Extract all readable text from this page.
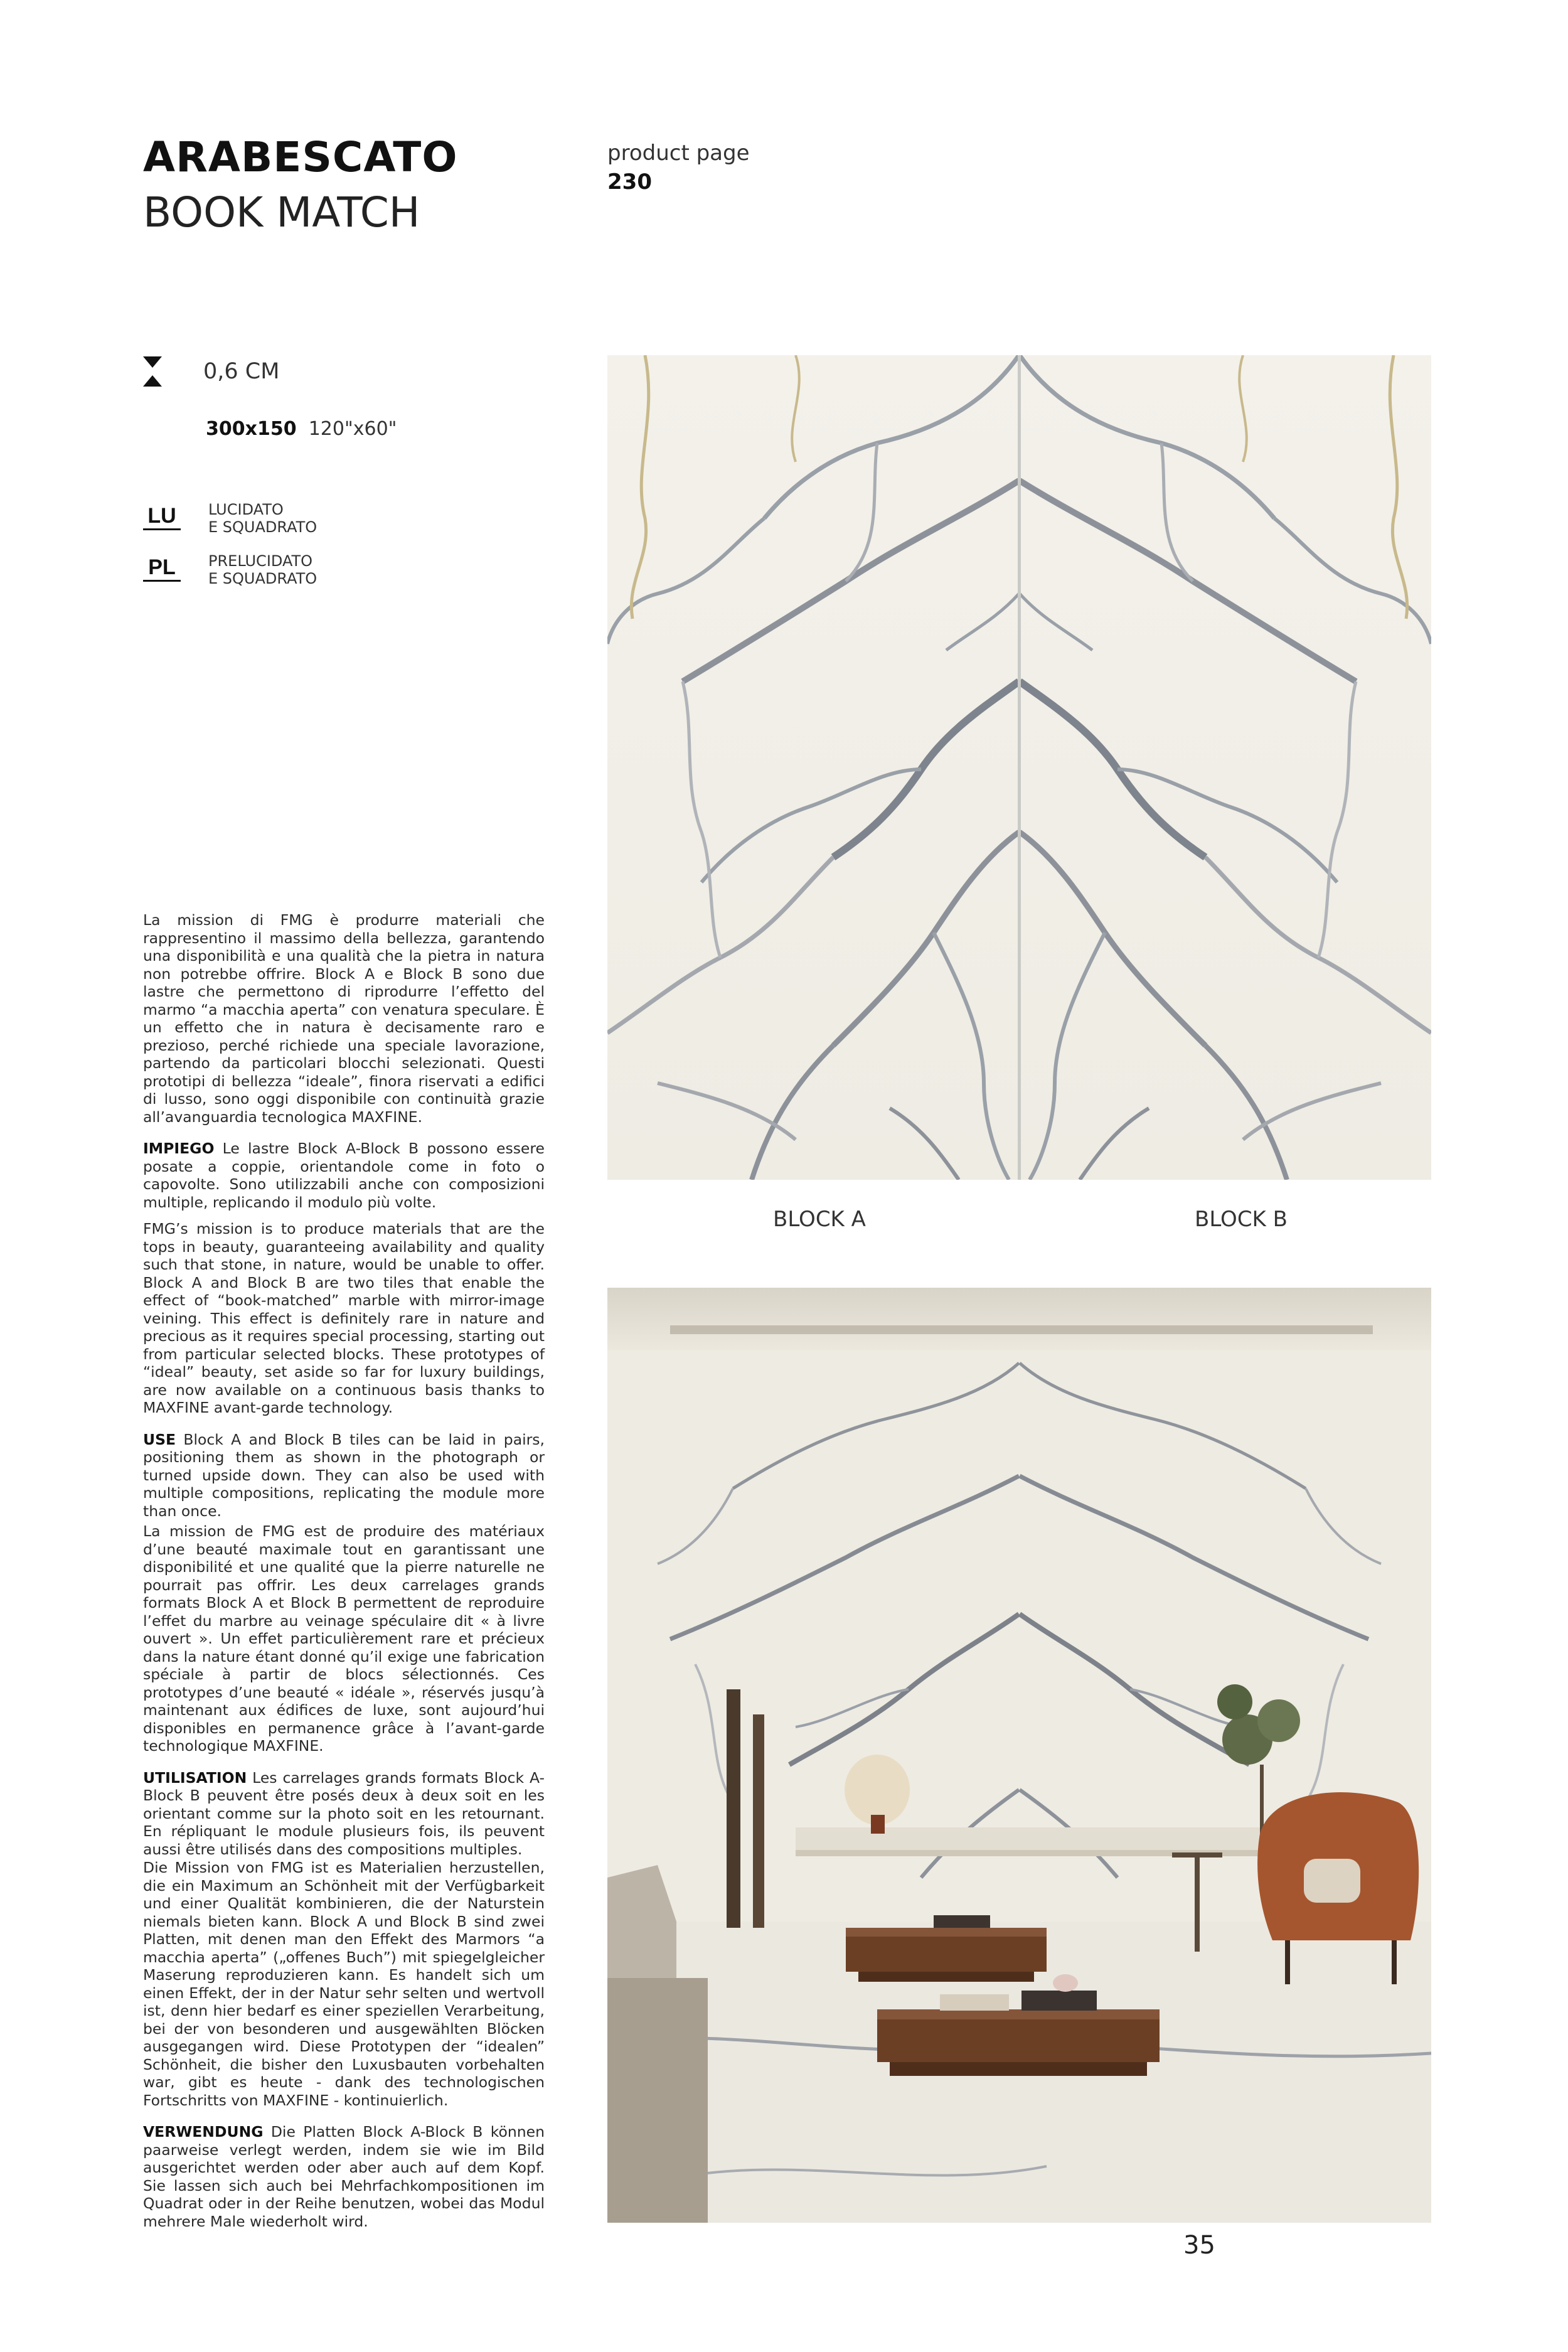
ARABESCATO
BOOK MATCH
product page
230
0,6 CM
300x150 120"x60"
LU	LUCIDATO
E SQUADRATO
PL	PRELUCIDATO
E SQUADRATO

La mission di FMG è produrre materiali che rappresentino il massimo della bellezza, garantendo una disponibilità e una qualità che la pietra in natura non potrebbe offrire. Block A e Block B sono due lastre che permettono di riprodurre l’effetto del marmo “a macchia aperta” con venatura speculare. È un effetto che in natura è decisamente raro e prezioso, perché richiede una speciale lavorazione, partendo da particolari blocchi selezionati. Questi prototipi di bellezza “ideale”, finora riservati a edifici di lusso, sono oggi disponibile con continuità grazie all’avanguardia tecnologica MAXFINE.

IMPIEGO Le lastre Block A-Block B possono essere posate a coppie, orientandole come in foto o capovolte. Sono utilizzabili anche con composizioni multiple, replicando il modulo più volte.

FMG’s mission is to produce materials that are the tops in beauty, guaranteeing availability and quality such that stone, in nature, would be unable to offer. Block A and Block B are two tiles that enable the effect of “book-matched” marble with mirror-image veining. This effect is definitely rare in nature and precious as it requires special processing, starting out from particular selected blocks. These prototypes of “ideal” beauty, set aside so far for luxury buildings, are now available on a continuous basis thanks to MAXFINE avant-garde technology.

USE Block A and Block B tiles can be laid in pairs, positioning them as shown in the photograph or turned upside down. They can also be used with multiple compositions, replicating the module more than once.

La mission de FMG est de produire des matériaux d’une beauté maximale tout en garantissant une disponibilité et une qualité que la pierre naturelle ne pourrait pas offrir. Les deux carrelages grands formats Block A et Block B permettent de reproduire l’effet du marbre au veinage spéculaire dit « à livre ouvert ». Un effet particulièrement rare et précieux dans la nature étant donné qu’il exige une fabrication spéciale à partir de blocs sélectionnés. Ces prototypes d’une beauté « idéale », réservés jusqu’à maintenant aux édifices de luxe, sont aujourd’hui disponibles en permanence grâce à l’avant-garde technologique MAXFINE.

UTILISATION Les carrelages grands formats Block A-Block B peuvent être posés deux à deux soit en les orientant comme sur la photo soit en les retournant. En répliquant le module plusieurs fois, ils peuvent aussi être utilisés dans des compositions multiples.

Die Mission von FMG ist es Materialien herzustellen, die ein Maximum an Schönheit mit der Verfügbarkeit und einer Qualität kombinieren, die der Naturstein niemals bieten kann. Block A und Block B sind zwei Platten, mit denen man den Effekt des Marmors “a macchia aperta” („offenes Buch”) mit spiegelgleicher Maserung reproduzieren kann. Es handelt sich um einen Effekt, der in der Natur sehr selten und wertvoll ist, denn hier bedarf es einer speziellen Verarbeitung, bei der von besonderen und ausgewählten Blöcken ausgegangen wird. Diese Prototypen der “idealen” Schönheit, die bisher den Luxusbauten vorbehalten war, gibt es heute - dank des technologischen Fortschritts von MAXFINE - kontinuierlich.

VERWENDUNG Die Platten Block A-Block B können paarweise verlegt werden, indem sie wie im Bild ausgerichtet werden oder aber auch auf dem Kopf. Sie lassen sich auch bei Mehrfachkompositionen im Quadrat oder in der Reihe benutzen, wobei das Modul mehrere Male wiederholt wird.

BLOCK A	BLOCK B
35
